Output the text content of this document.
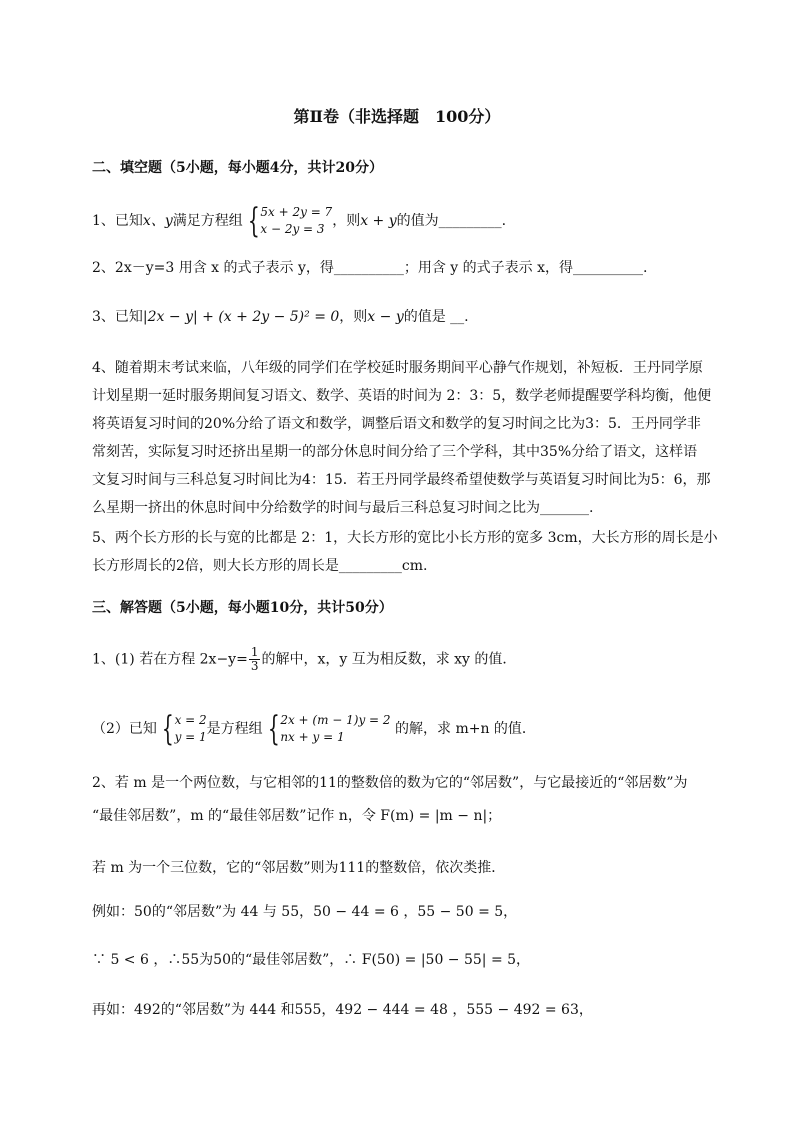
第Ⅱ卷（非选择题　100分）
二、填空题（5小题，每小题4分，共计20分）
1、已知x、y满足方程组 { 5x + 2y = 7
x − 2y = 3 ，则x + y的值为_________.
2、2x－y=3 用含 x 的式子表示 y，得__________；用含 y 的式子表示 x，得__________.
3、已知|2x − y| + (x + 2y − 5)² = 0，则x − y的值是 __.
4、随着期末考试来临，八年级的同学们在学校延时服务期间平心静气作规划，补短板．王丹同学原
计划星期一延时服务期间复习语文、数学、英语的时间为 2：3：5，数学老师提醒要学科均衡，他便
将英语复习时间的20%分给了语文和数学，调整后语文和数学的复习时间之比为3：5．王丹同学非
常刻苦，实际复习时还挤出星期一的部分休息时间分给了三个学科，其中35%分给了语文，这样语
文复习时间与三科总复习时间比为4：15．若王丹同学最终希望使数学与英语复习时间比为5：6，那
么星期一挤出的休息时间中分给数学的时间与最后三科总复习时间之比为_______.
5、两个长方形的长与宽的比都是 2：1，大长方形的宽比小长方形的宽多 3cm，大长方形的周长是小
长方形周长的2倍，则大长方形的周长是_________cm.
三、解答题（5小题，每小题10分，共计50分）
1、(1) 若在方程 $2x-y= \frac{1}{3}$ 的解中，x，y 互为相反数，求 xy 的值．
（2）已知 { x = 2
y = 1 是方程组 { 2x + (m − 1)y = 2
nx + y = 1	的解，求 m+n 的值．
2、若 m 是一个两位数，与它相邻的11的整数倍的数为它的“邻居数”，与它最接近的“邻居数”为
“最佳邻居数”，m 的“最佳邻居数”记作 n，令 F(m) = |m − n|；
若 m 为一个三位数，它的“邻居数”则为111的整数倍，依次类推．
例如：50的“邻居数”为 44 与 55，50 − 44 = 6 ，55 − 50 = 5，
∵ 5 < 6 ，∴55为50的“最佳邻居数”，∴ F(50) = |50 − 55| = 5，
再如：492的“邻居数”为 444 和555，492 − 444 = 48 ，555 − 492 = 63，
